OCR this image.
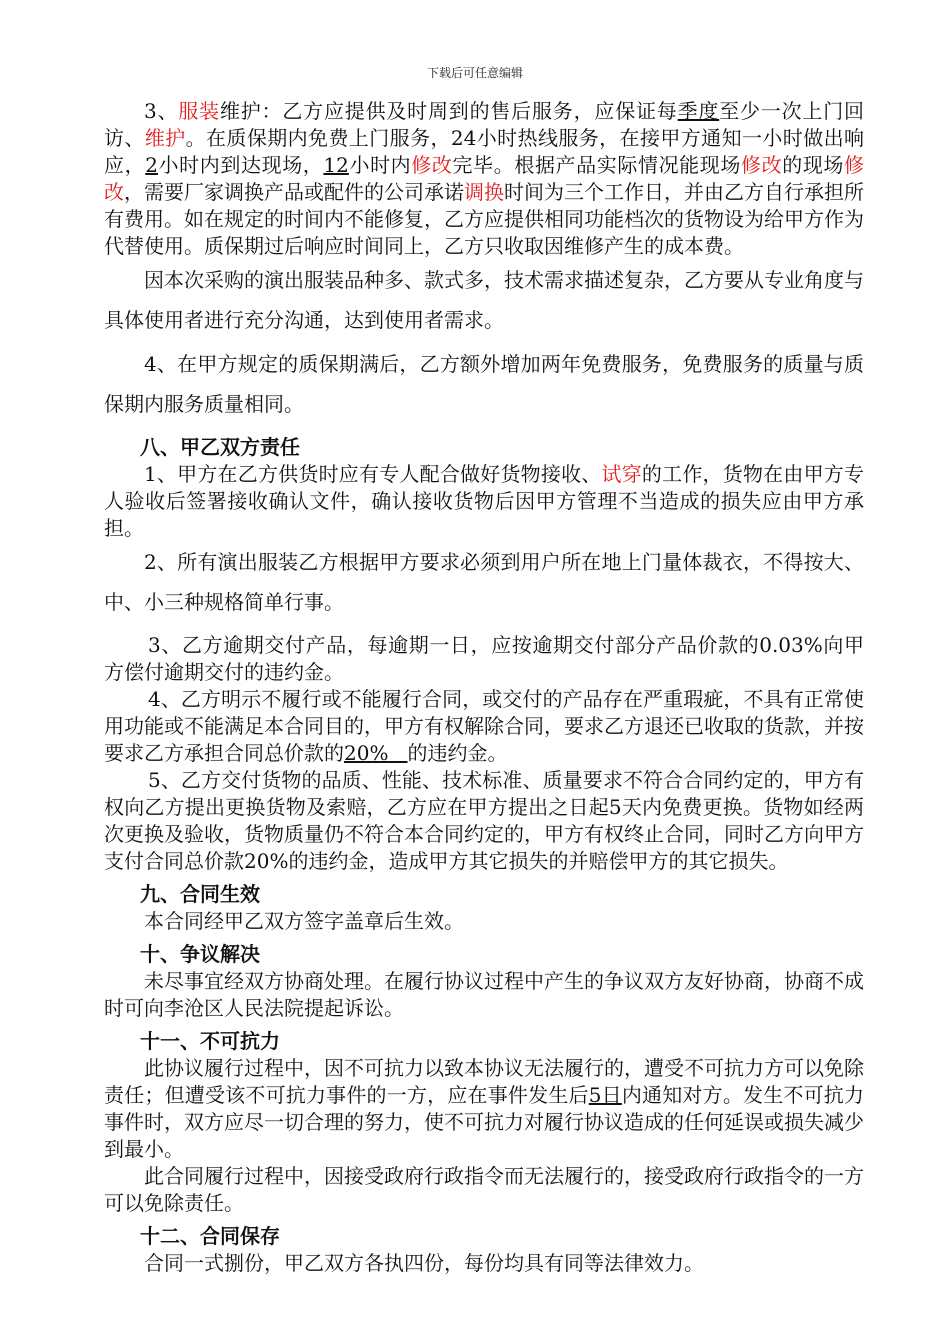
下载后可任意编辑

3、服装维护：乙方应提供及时周到的售后服务，应保证每季度至少一次上门回访、维护。在质保期内免费上门服务，24小时热线服务，在接甲方通知一小时做出响应，2小时内到达现场，12小时内修改完毕。根据产品实际情况能现场修改的现场修改，需要厂家调换产品或配件的公司承诺调换时间为三个工作日，并由乙方自行承担所有费用。如在规定的时间内不能修复，乙方应提供相同功能档次的货物设为给甲方作为代替使用。质保期过后响应时间同上，乙方只收取因维修产生的成本费。

因本次采购的演出服装品种多、款式多，技术需求描述复杂，乙方要从专业角度与具体使用者进行充分沟通，达到使用者需求。

4、在甲方规定的质保期满后，乙方额外增加两年免费服务，免费服务的质量与质保期内服务质量相同。

八、甲乙双方责任

1、甲方在乙方供货时应有专人配合做好货物接收、试穿的工作，货物在由甲方专人验收后签署接收确认文件，确认接收货物后因甲方管理不当造成的损失应由甲方承担。

2、所有演出服装乙方根据甲方要求必须到用户所在地上门量体裁衣，不得按大、中、小三种规格简单行事。

3、乙方逾期交付产品，每逾期一日，应按逾期交付部分产品价款的0.03%向甲方偿付逾期交付的违约金。

4、乙方明示不履行或不能履行合同，或交付的产品存在严重瑕疵，不具有正常使用功能或不能满足本合同目的，甲方有权解除合同，要求乙方退还已收取的货款，并按要求乙方承担合同总价款的20%   的违约金。

5、乙方交付货物的品质、性能、技术标准、质量要求不符合合同约定的，甲方有权向乙方提出更换货物及索赔，乙方应在甲方提出之日起5天内免费更换。货物如经两次更换及验收，货物质量仍不符合本合同约定的，甲方有权终止合同，同时乙方向甲方支付合同总价款20%的违约金，造成甲方其它损失的并赔偿甲方的其它损失。

九、合同生效

本合同经甲乙双方签字盖章后生效。

十、争议解决

未尽事宜经双方协商处理。在履行协议过程中产生的争议双方友好协商，协商不成时可向李沧区人民法院提起诉讼。

十一、不可抗力

此协议履行过程中，因不可抗力以致本协议无法履行的，遭受不可抗力方可以免除责任；但遭受该不可抗力事件的一方，应在事件发生后5日内通知对方。发生不可抗力事件时，双方应尽一切合理的努力，使不可抗力对履行协议造成的任何延误或损失减少到最小。

此合同履行过程中，因接受政府行政指令而无法履行的，接受政府行政指令的一方可以免除责任。

十二、合同保存

合同一式捌份，甲乙双方各执四份，每份均具有同等法律效力。
